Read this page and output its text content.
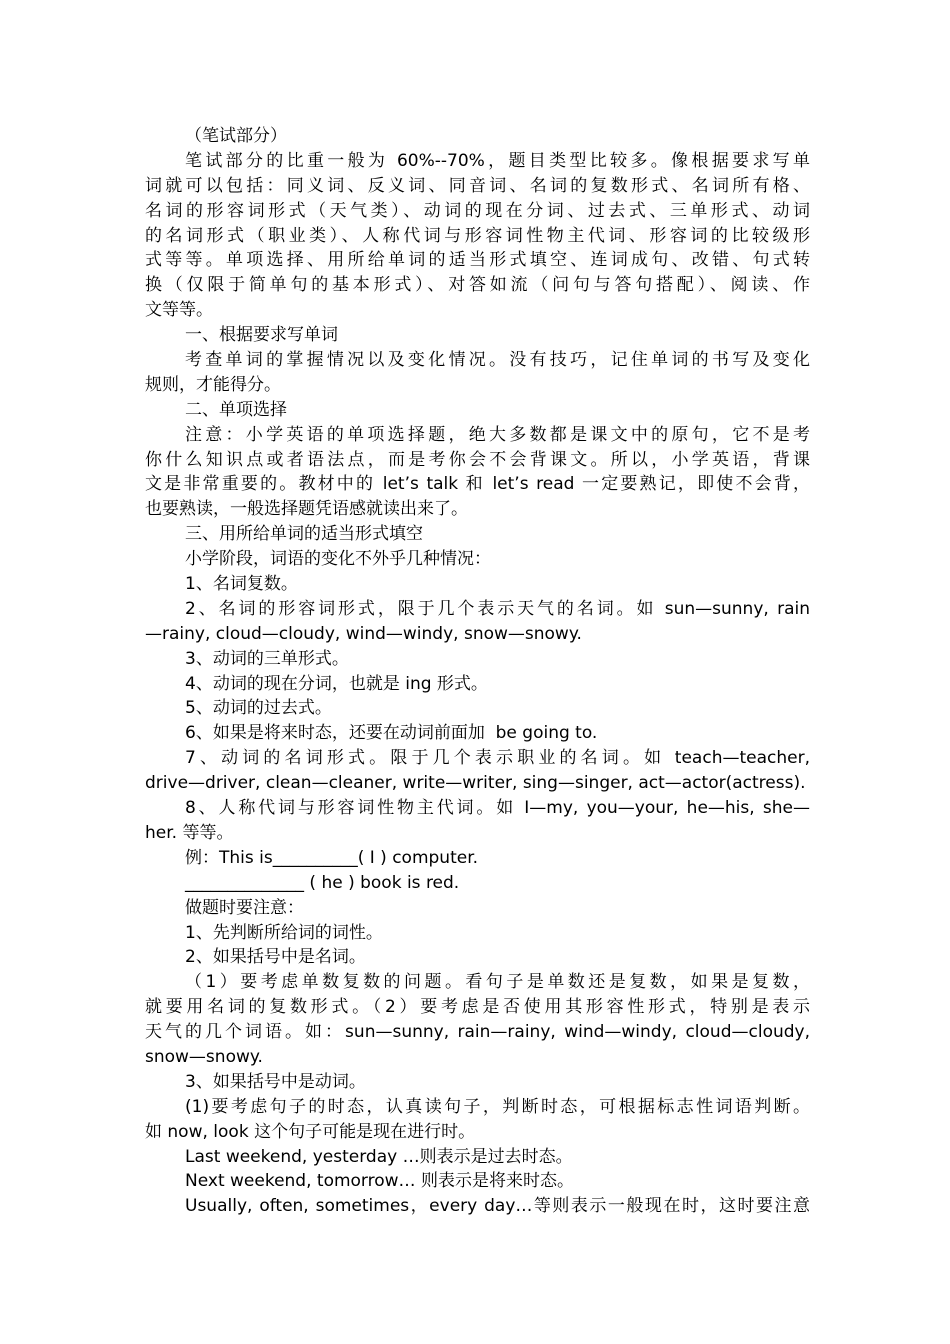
（笔试部分）
笔试部分的比重一般为 60%--70%，题目类型比较多。像根据要求写单
词就可以包括：同义词、反义词、同音词、名词的复数形式、名词所有格、
名词的形容词形式（天气类）、动词的现在分词、过去式、三单形式、动词
的名词形式（职业类）、人称代词与形容词性物主代词、形容词的比较级形
式等等。单项选择、用所给单词的适当形式填空、连词成句、改错、句式转
换（仅限于简单句的基本形式）、对答如流（问句与答句搭配）、阅读、作
文等等。
一、根据要求写单词
考查单词的掌握情况以及变化情况。没有技巧，记住单词的书写及变化
规则，才能得分。
二、单项选择
注意：小学英语的单项选择题，绝大多数都是课文中的原句，它不是考
你什么知识点或者语法点，而是考你会不会背课文。所以，小学英语，背课
文是非常重要的。教材中的 let’s talk 和 let’s read 一定要熟记，即使不会背，
也要熟读，一般选择题凭语感就读出来了。
三、用所给单词的适当形式填空
小学阶段，词语的变化不外乎几种情况：
1、名词复数。
2、名词的形容词形式，限于几个表示天气的名词。如 sun—sunny, rain
—rainy, cloud—cloudy, wind—windy, snow—snowy.
3、动词的三单形式。
4、动词的现在分词，也就是 ing 形式。
5、动词的过去式。
6、如果是将来时态，还要在动词前面加  be going to.
7、动词的名词形式。限于几个表示职业的名词。如 teach—teacher,
drive—driver, clean—cleaner, write—writer, sing—singer, act—actor(actress).
8、人称代词与形容词性物主代词。如 I—my, you—your, he—his, she—
her. 等等。
例：This is__________( I ) computer.
______________ ( he ) book is red.
做题时要注意：
1、先判断所给词的词性。
2、如果括号中是名词。
（1）要考虑单数复数的问题。看句子是单数还是复数，如果是复数，
就要用名词的复数形式。（2）要考虑是否使用其形容性形式，特别是表示
天气的几个词语。如：sun—sunny, rain—rainy, wind—windy, cloud—cloudy,
snow—snowy.
3、如果括号中是动词。
(1)要考虑句子的时态，认真读句子，判断时态，可根据标志性词语判断。
如 now, look 这个句子可能是现在进行时。
Last weekend, yesterday …则表示是过去时态。
Next weekend, tomorrow… 则表示是将来时态。
Usually, often, sometimes，every day…等则表示一般现在时，这时要注意
